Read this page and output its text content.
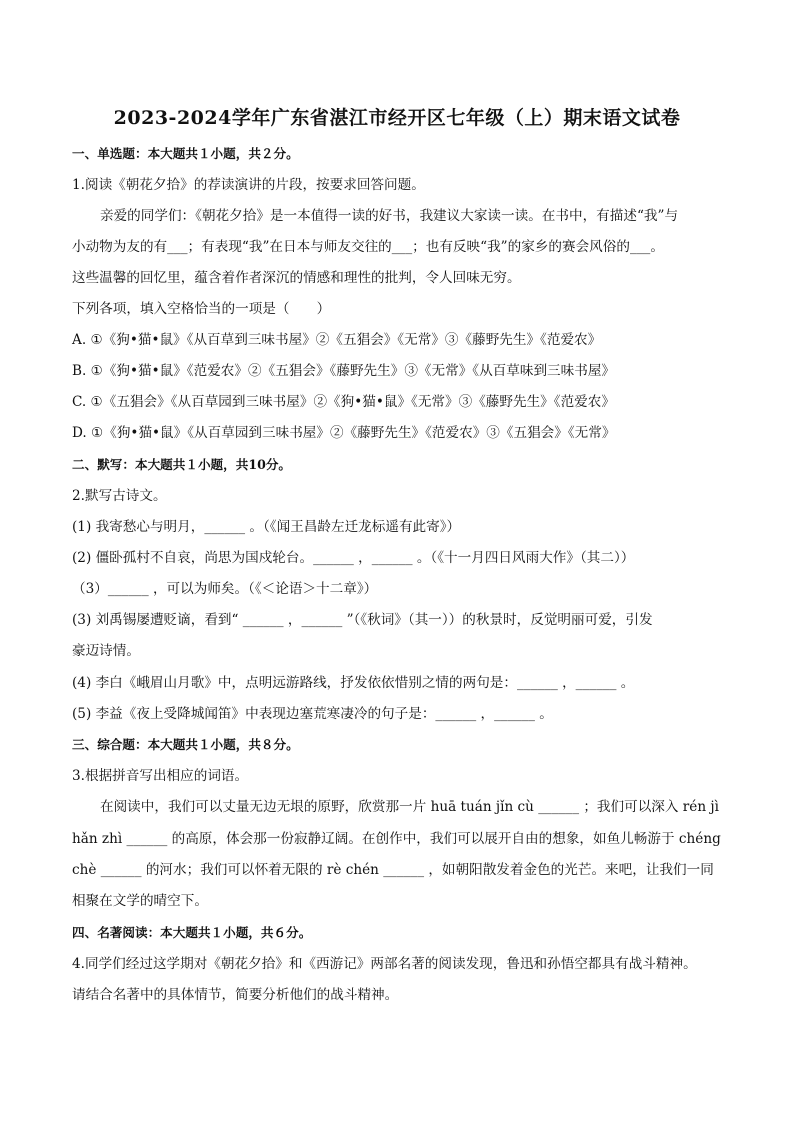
2023-2024学年广东省湛江市经开区七年级（上）期末语文试卷
一、单选题：本大题共１小题，共２分。
1.阅读《朝花夕拾》的荐读演讲的片段，按要求回答问题。
亲爱的同学们：《朝花夕拾》是一本值得一读的好书，我建议大家读一读。在书中，有描述“我”与
小动物为友的有___；有表现“我”在日本与师友交往的___；也有反映“我”的家乡的赛会风俗的___。
这些温馨的回忆里，蕴含着作者深沉的情感和理性的批判，令人回味无穷。
下列各项，填入空格恰当的一项是（　　）
A. ①《狗•猫•鼠》《从百草到三味书屋》②《五猖会》《无常》③《藤野先生》《范爱农》
B. ①《狗•猫•鼠》《范爱农》②《五猖会》《藤野先生》③《无常》《从百草味到三味书屋》
C. ①《五猖会》《从百草园到三味书屋》②《狗•猫•鼠》《无常》③《藤野先生》《范爱农》
D. ①《狗•猫•鼠》《从百草园到三味书屋》②《藤野先生》《范爱农》③《五猖会》《无常》
二、默写：本大题共１小题，共10分。
2.默写古诗文。
(1) 我寄愁心与明月，______ 。（《闻王昌龄左迁龙标遥有此寄》）
(2) 僵卧孤村不自哀，尚思为国戍轮台。______ ，______ 。（《十一月四日风雨大作》（其二））
（3）______ ，可以为师矣。（《＜论语＞十二章》）
(3) 刘禹锡屡遭贬谪，看到“ ______ ，______ ”（《秋词》（其一））的秋景时，反觉明丽可爱，引发
豪迈诗情。
(4) 李白《峨眉山月歌》中，点明远游路线，抒发依依惜别之情的两句是：______ ，______ 。
(5) 李益《夜上受降城闻笛》中表现边塞荒寒凄冷的句子是：______ ，______ 。
三、综合题：本大题共１小题，共８分。
3.根据拼音写出相应的词语。
在阅读中，我们可以丈量无边无垠的原野，欣赏那一片 huā tuán jǐn cù ______ ；我们可以深入 rén jì
hǎn zhì ______ 的高原，体会那一份寂静辽阔。在创作中，我们可以展开自由的想象，如鱼儿畅游于 chéng
chè ______ 的河水；我们可以怀着无限的 rè chén ______ ，如朝阳散发着金色的光芒。来吧，让我们一同
相聚在文学的晴空下。
四、名著阅读：本大题共１小题，共６分。
4.同学们经过这学期对《朝花夕拾》和《西游记》两部名著的阅读发现，鲁迅和孙悟空都具有战斗精神。
请结合名著中的具体情节，简要分析他们的战斗精神。
